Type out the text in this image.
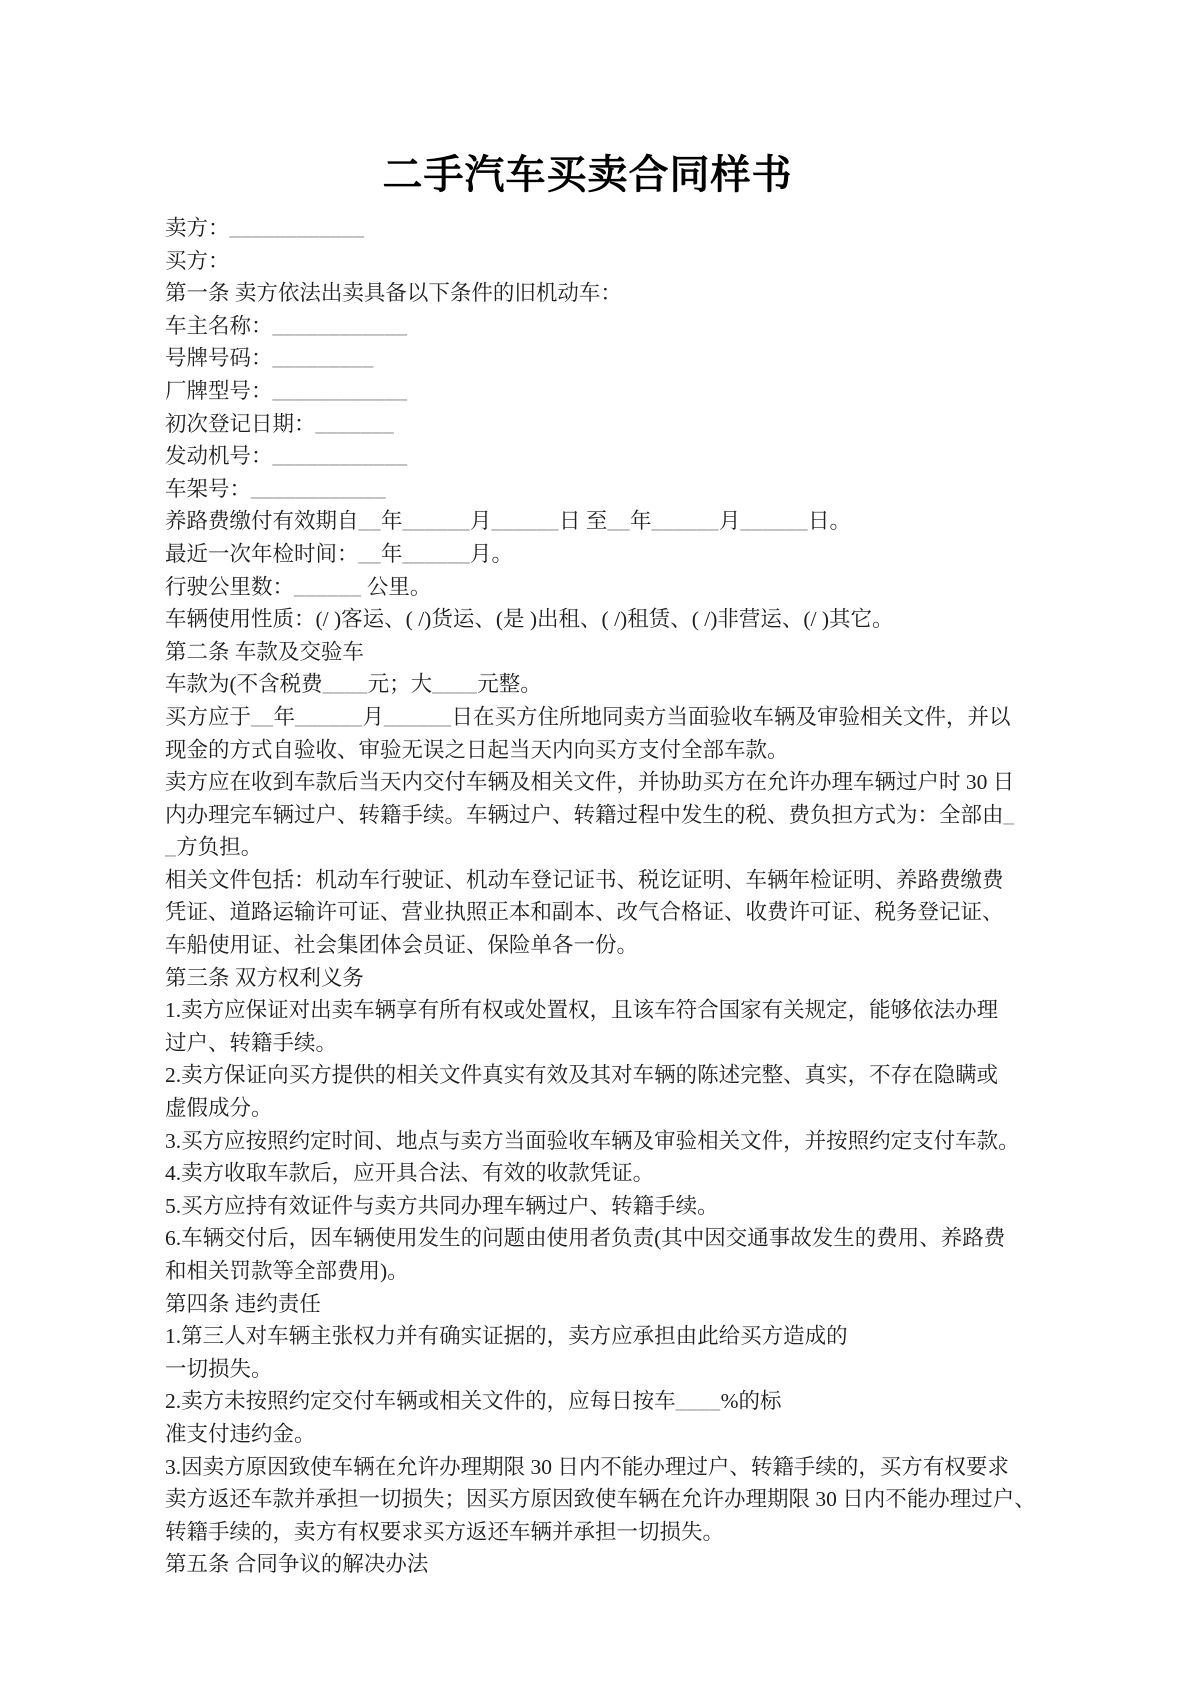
二手汽车买卖合同样书
卖方：____________
买方：
第一条 卖方依法出卖具备以下条件的旧机动车：
车主名称：____________
号牌号码：_________
厂牌型号：____________
初次登记日期：_______
发动机号：____________
车架号：____________
养路费缴付有效期自__年______月______日 至__年______月______日。
最近一次年检时间：__年______月。
行驶公里数：______ 公里。
车辆使用性质：(/ )客运、( /)货运、(是 )出租、( /)租赁、( /)非营运、(/ )其它。
第二条 车款及交验车
车款为(不含税费____元；大____元整。
买方应于__年______月______日在买方住所地同卖方当面验收车辆及审验相关文件，并以
现金的方式自验收、审验无误之日起当天内向买方支付全部车款。
卖方应在收到车款后当天内交付车辆及相关文件，并协助买方在允许办理车辆过户时 30 日
内办理完车辆过户、转籍手续。车辆过户、转籍过程中发生的税、费负担方式为：全部由_
_方负担。
相关文件包括：机动车行驶证、机动车登记证书、税讫证明、车辆年检证明、养路费缴费
凭证、道路运输许可证、营业执照正本和副本、改气合格证、收费许可证、税务登记证、
车船使用证、社会集团体会员证、保险单各一份。
第三条 双方权利义务
1.卖方应保证对出卖车辆享有所有权或处置权，且该车符合国家有关规定，能够依法办理
过户、转籍手续。
2.卖方保证向买方提供的相关文件真实有效及其对车辆的陈述完整、真实，不存在隐瞒或
虚假成分。
3.买方应按照约定时间、地点与卖方当面验收车辆及审验相关文件，并按照约定支付车款。
4.卖方收取车款后，应开具合法、有效的收款凭证。
5.买方应持有效证件与卖方共同办理车辆过户、转籍手续。
6.车辆交付后，因车辆使用发生的问题由使用者负责(其中因交通事故发生的费用、养路费
和相关罚款等全部费用)。
第四条 违约责任
1.第三人对车辆主张权力并有确实证据的，卖方应承担由此给买方造成的
一切损失。
2.卖方未按照约定交付车辆或相关文件的，应每日按车____%的标
准支付违约金。
3.因卖方原因致使车辆在允许办理期限 30 日内不能办理过户、转籍手续的，买方有权要求
卖方返还车款并承担一切损失；因买方原因致使车辆在允许办理期限 30 日内不能办理过户、
转籍手续的，卖方有权要求买方返还车辆并承担一切损失。
第五条 合同争议的解决办法
